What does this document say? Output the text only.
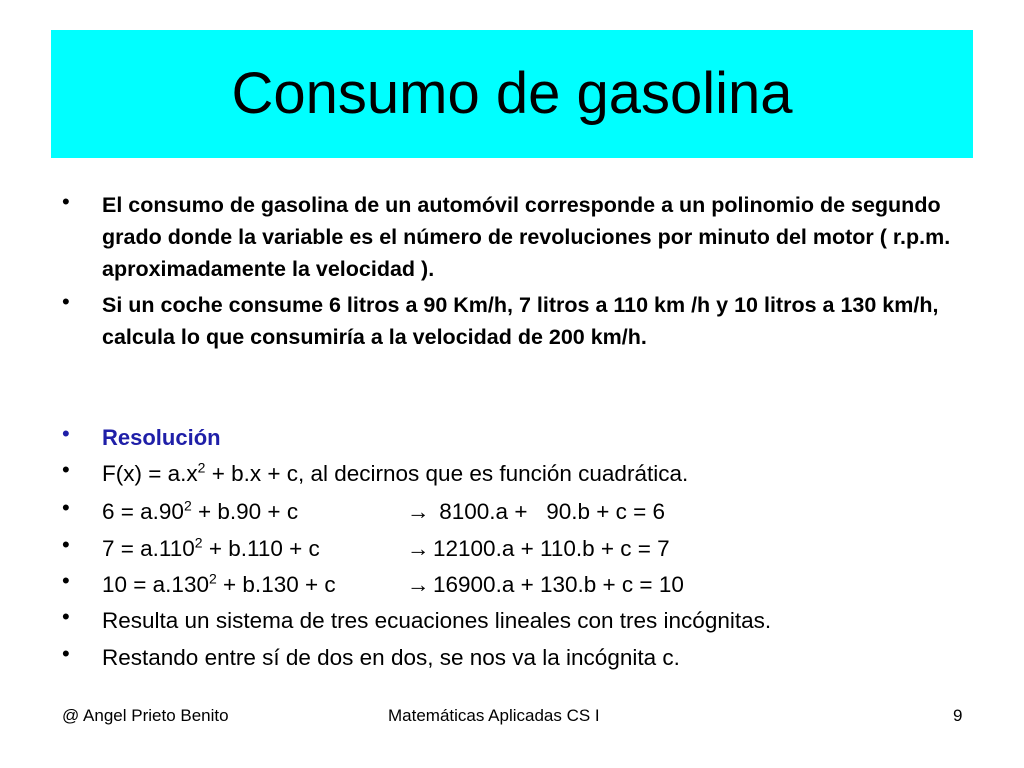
Consumo de gasolina
•	El consumo de gasolina de un automóvil corresponde a un polinomio de segundo grado donde la variable es el número de revoluciones por minuto del motor ( r.p.m. aproximadamente la velocidad ).
•	Si un coche consume 6 litros a 90 Km/h, 7 litros a 110 km /h y 10 litros a 130 km/h, calcula lo que consumiría a la velocidad de 200 km/h.
•	Resolución
•	$F(x) = a.x^2 + b.x + c$, al decirnos que es función cuadrática.
•	$6 = a.90^2 + b.90 + c$	→ 8100.a +   90.b + c = 6
•	$7 = a.110^2 + b.110 + c$	→ 12100.a + 110.b + c = 7
•	$10 = a.130^2 + b.130 + c$	→ 16900.a + 130.b + c = 10
•	Resulta un sistema de tres ecuaciones lineales con tres incógnitas.
•	Restando entre sí de dos en dos, se nos va la incógnita c.
@ Angel Prieto Benito	Matemáticas Aplicadas CS I	9
